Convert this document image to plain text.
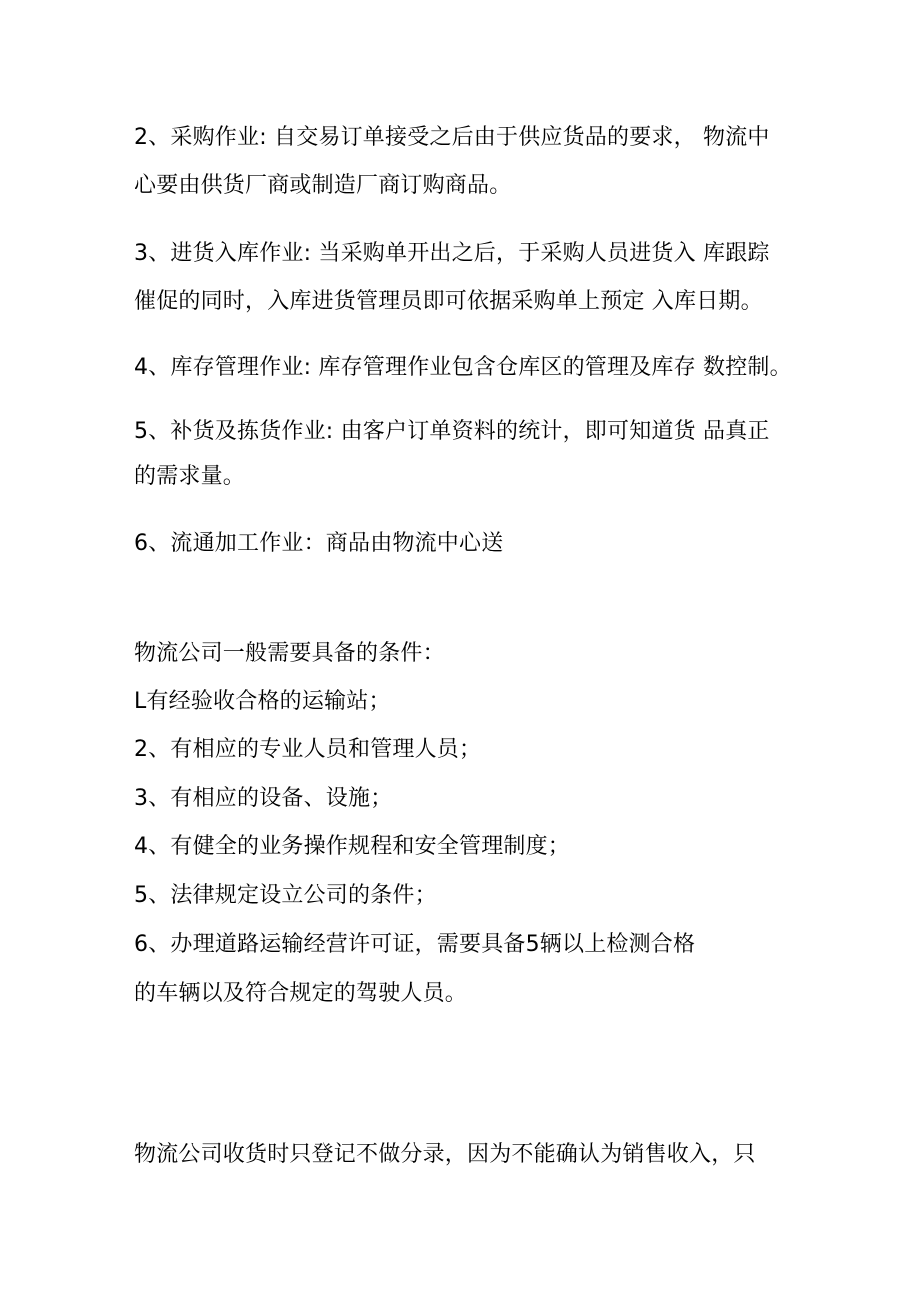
2、采购作业: 自交易订单接受之后由于供应货品的要求， 物流中
心要由供货厂商或制造厂商订购商品。
3、进货入库作业: 当采购单开出之后，于采购人员进货入 库跟踪
催促的同时，入库进货管理员即可依据采购单上预定 入库日期。
4、库存管理作业: 库存管理作业包含仓库区的管理及库存 数控制。
5、补货及拣货作业: 由客户订单资料的统计，即可知道货 品真正
的需求量。
6、流通加工作业：商品由物流中心送
物流公司一般需要具备的条件：
L有经验收合格的运输站；
2、有相应的专业人员和管理人员；
3、有相应的设备、设施；
4、有健全的业务操作规程和安全管理制度；
5、法律规定设立公司的条件；
6、办理道路运输经营许可证，需要具备5辆以上检测合格
的车辆以及符合规定的驾驶人员。
物流公司收货时只登记不做分录，因为不能确认为销售收入，只
